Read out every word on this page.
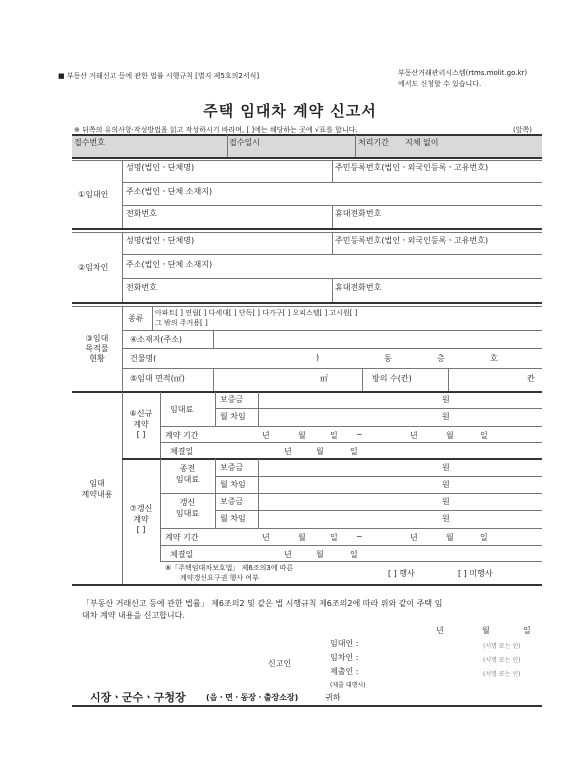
■ 부동산 거래신고 등에 관한 법률 시행규칙 [별지 제5호의2서식]	부동산거래관리시스템(rtms.molit.go.kr)
에서도 신청할 수 있습니다.
주택 임대차 계약 신고서
※ 뒤쪽의 유의사항·작성방법을 읽고 작성하시기 바라며, [ ]에는 해당하는 곳에 √표를 합니다.	(앞쪽)
접수번호	접수일시	처리기간 지체 없이
①임대인
성명(법인ㆍ단체명)	주민등록번호(법인ㆍ외국인등록ㆍ고유번호)
주소(법인ㆍ단체 소재지)
전화번호	휴대전화번호
②임차인
성명(법인ㆍ단체명)	주민등록번호(법인ㆍ외국인등록ㆍ고유번호)
주소(법인ㆍ단체 소재지)
전화번호	휴대전화번호
③임대
목적물
현황
종류
아파트[ ] 연립[ ] 다세대[ ] 단독[ ] 다가구[ ] 오피스텔[ ] 고시원[ ]
그 밖의 주거용[ ]
④소재지(주소)
건물명(	)	동	층	호
⑤임대 면적(㎡)	㎡	방의 수(칸)	칸
임대
계약내용
⑥신규
계약
[ ]
임대료
보증금	원
월 차임	원
계약 기간	년	월	일 ~	년	월	일
체결일	년	월	일
⑦갱신
계약
[ ]
종전
임대료
보증금	원
월 차임	원
갱신
임대료
보증금	원
월 차임	원
계약 기간	년	월	일 ~	년	월	일
체결일	년	월	일
⑧「주택임대차보호법」 제6조의3에 따른
계약갱신요구권 행사 여부	[ ] 행사	[ ] 미행사
「부동산 거래신고 등에 관한 법률」 제6조의2 및 같은 법 시행규칙 제6조의2에 따라 위와 같이 주택 임
대차 계약 내용을 신고합니다.
년	월	일
신고인
임대인 :	(서명 또는 인)
임차인 :	(서명 또는 인)
제출인 :	(서명 또는 인)
(제출 대행시)
시장ㆍ군수ㆍ구청장	(읍ㆍ면ㆍ동장ㆍ출장소장)	귀하
